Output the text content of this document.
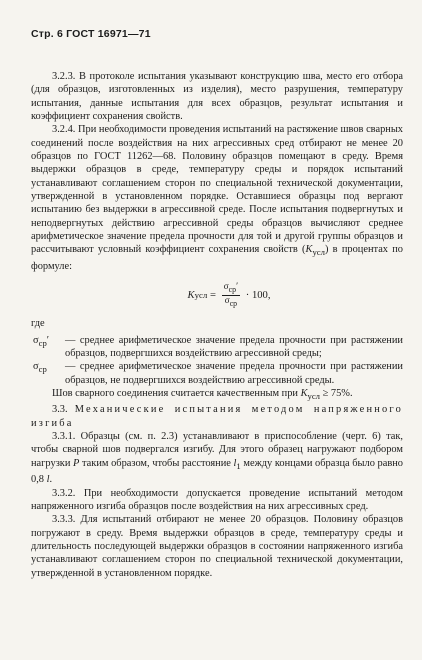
Стр. 6 ГОСТ 16971—71

3.2.3. В протоколе испытания указывают конструкцию шва, место его отбора (для образцов, изготовленных из изделия), место разрушения, температуру испытания, данные испытания для всех образцов, результат испытания и коэффициент сохранения свойств.

3.2.4. При необходимости проведения испытаний на растяжение швов сварных соединений после воздействия на них агрессивных сред отбирают не менее 20 образцов по ГОСТ 11262—68. Половину образцов помещают в среду. Время выдержки образцов в среде, температуру среды и порядок испытаний устанавливают соглашением сторон по специальной технической документации, утвержденной в установленном порядке. Оставшиеся образцы под вергают испытанию без выдержки в агрессивной среде. После испытания подвергнутых и неподвергнутых действию агрессивной среды образцов вычисляют среднее арифметическое значение предела прочности для той и другой группы образцов и рассчитывают условный коэффициент сохранения свойств $(K_{усл})$ в процентах по формуле:

K усл = $\frac{\sigma_{ср}'}{\sigma_{ср}} \cdot 100$,

где

$\sigma_{ср}'$	— среднее арифметическое значение предела прочности при растяжении образцов, подвергшихся воздействию агрессивной среды;
$\sigma_{ср}$	— среднее арифметическое значение предела прочности при растяжении образцов, не подвергшихся воздействию агрессивной среды.

Шов сварного соединения считается качественным при $K_{усл} \ge 75\%$.

3.3. Механические испытания методом напряженного изгиба

3.3.1. Образцы (см. п. 2.3) устанавливают в приспособление (черт. 6) так, чтобы сварной шов подвергался изгибу. Для этого образец нагружают подбором нагрузки P таким образом, чтобы расстояние $l_1$ между концами образца было равно 0,8 l.

3.3.2. При необходимости допускается проведение испытаний методом напряженного изгиба образцов после воздействия на них агрессивных сред.

3.3.3. Для испытаний отбирают не менее 20 образцов. Половину образцов погружают в среду. Время выдержки образцов в среде, температуру среды и длительность последующей выдержки образцов в состоянии напряженного изгиба устанавливают соглашением сторон по специальной технической документации, утвержденной в установленном порядке.
